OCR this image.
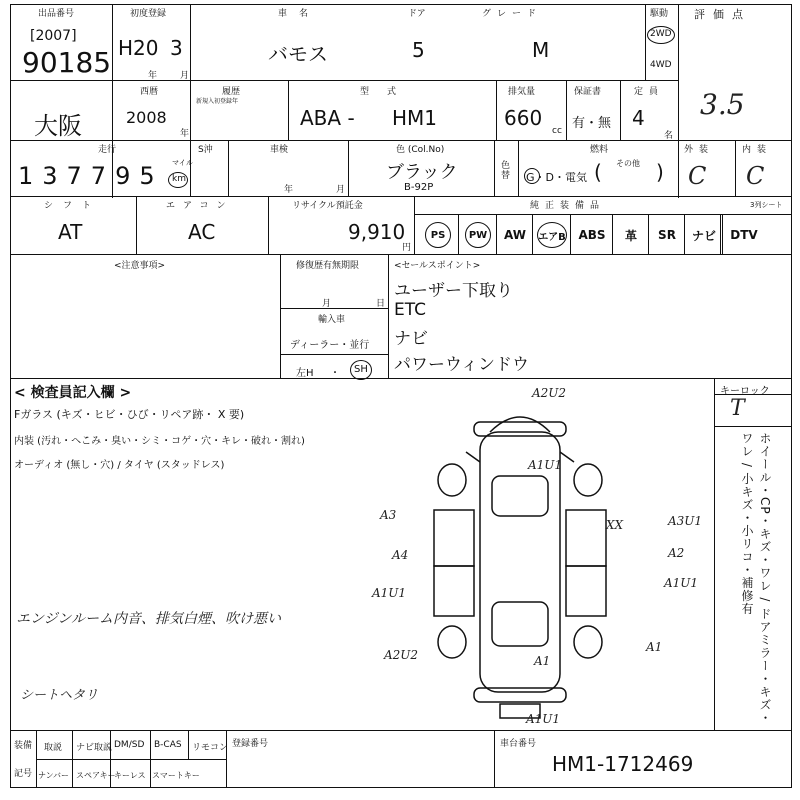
出品番号
[2007]
90185
初度登録
H20 3
年	月
車名
バモス
ドア
5
グレード
M
駆動
2WD
4WD
評価点
3.5
大阪
西暦
2008
年
履歴
新規入初登録年
型式
ABA - HM1
排気量
660
cc
保証書
有・無
定員
4
名
走行
137795 マイル
km
S沖	車検
年	月
色 (Col.No)
ブラック
B-92P
色替
燃料
G・D・電気
その他
(	)
外装
C
内装
C
シフト
AT
エアコン
AC
リサイクル預託金
9,910
円
純正装備品	3列シート
PS	PW	AW エアB ABS 革 SR ナビ DTV
<注意事項>	修復歴有無期限
月	日
輸入車
ディーラー・並行
左H ・ SH
<セールスポイント>
ユーザー下取り
ETC
ナビ
パワーウィンドウ
< 検査員記入欄 >
Fガラス (キズ・ヒビ・ひび・リペア跡・ X 要)
内装 (汚れ・へこみ・臭い・シミ・コゲ・穴・キレ・破れ・割れ)
オーディオ (無し・穴) / タイヤ (スタッドレス)
エンジンルーム内音、排気白煙、吹け悪い
シートヘタリ
キーロック
T
ホイール・CP・キズ・ワレ / ドアミラー・キズ・ワレ / 小キズ・小リコ・補修有
A2U2
A1U1
A3
A4
A1U1
A2U2	A1
A1U1
A3U1
XX
A2
A1U1
A1
装備
記号
取説 ナビ取説 DM/SD B-CAS リモコン
ナンバー スペアキー
キーレス スマートキー
登録番号	車台番号
HM1-1712469
